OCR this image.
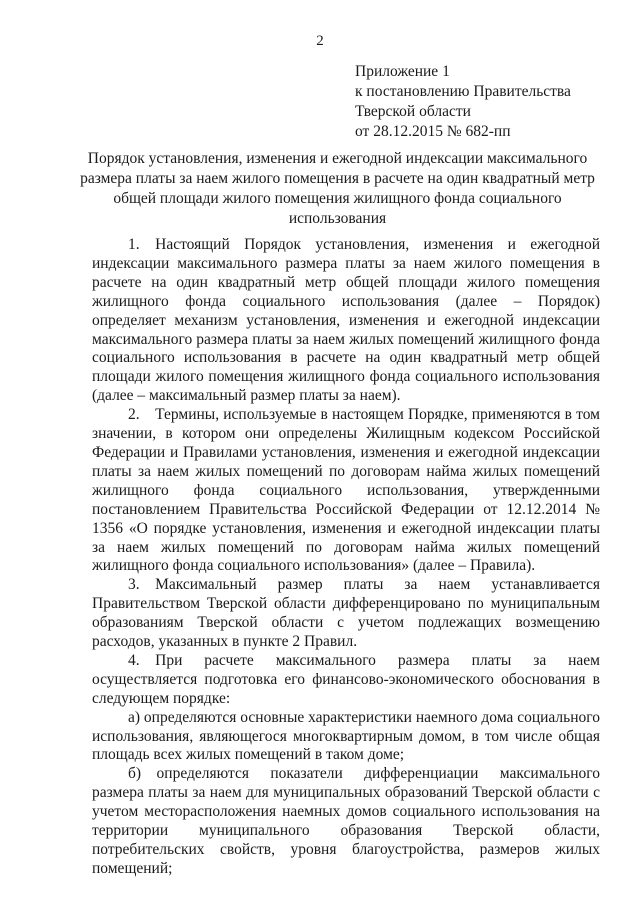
2
Приложение 1
к постановлению Правительства
Тверской области
от 28.12.2015 № 682-пп
Порядок установления, изменения и ежегодной индексации максимального размера платы за наем жилого помещения в расчете на один квадратный метр общей площади жилого помещения жилищного фонда социального использования

1. Настоящий Порядок установления, изменения и ежегодной индексации максимального размера платы за наем жилого помещения в расчете на один квадратный метр общей площади жилого помещения жилищного фонда социального использования (далее – Порядок) определяет механизм установления, изменения и ежегодной индексации максимального размера платы за наем жилых помещений жилищного фонда социального использования в расчете на один квадратный метр общей площади жилого помещения жилищного фонда социального использования (далее – максимальный размер платы за наем).

2. Термины, используемые в настоящем Порядке, применяются в том значении, в котором они определены Жилищным кодексом Российской Федерации и Правилами установления, изменения и ежегодной индексации платы за наем жилых помещений по договорам найма жилых помещений жилищного фонда социального использования, утвержденными постановлением Правительства Российской Федерации от 12.12.2014 № 1356 «О порядке установления, изменения и ежегодной индексации платы за наем жилых помещений по договорам найма жилых помещений жилищного фонда социального использования» (далее – Правила).

3. Максимальный размер платы за наем устанавливается Правительством Тверской области дифференцировано по муниципальным образованиям Тверской области с учетом подлежащих возмещению расходов, указанных в пункте 2 Правил.

4. При расчете максимального размера платы за наем осуществляется подготовка его финансово-экономического обоснования в следующем порядке:

а) определяются основные характеристики наемного дома социального использования, являющегося многоквартирным домом, в том числе общая площадь всех жилых помещений в таком доме;

б) определяются показатели дифференциации максимального размера платы за наем для муниципальных образований Тверской области с учетом месторасположения наемных домов социального использования на территории муниципального образования Тверской области, потребительских свойств, уровня благоустройства, размеров жилых помещений;
